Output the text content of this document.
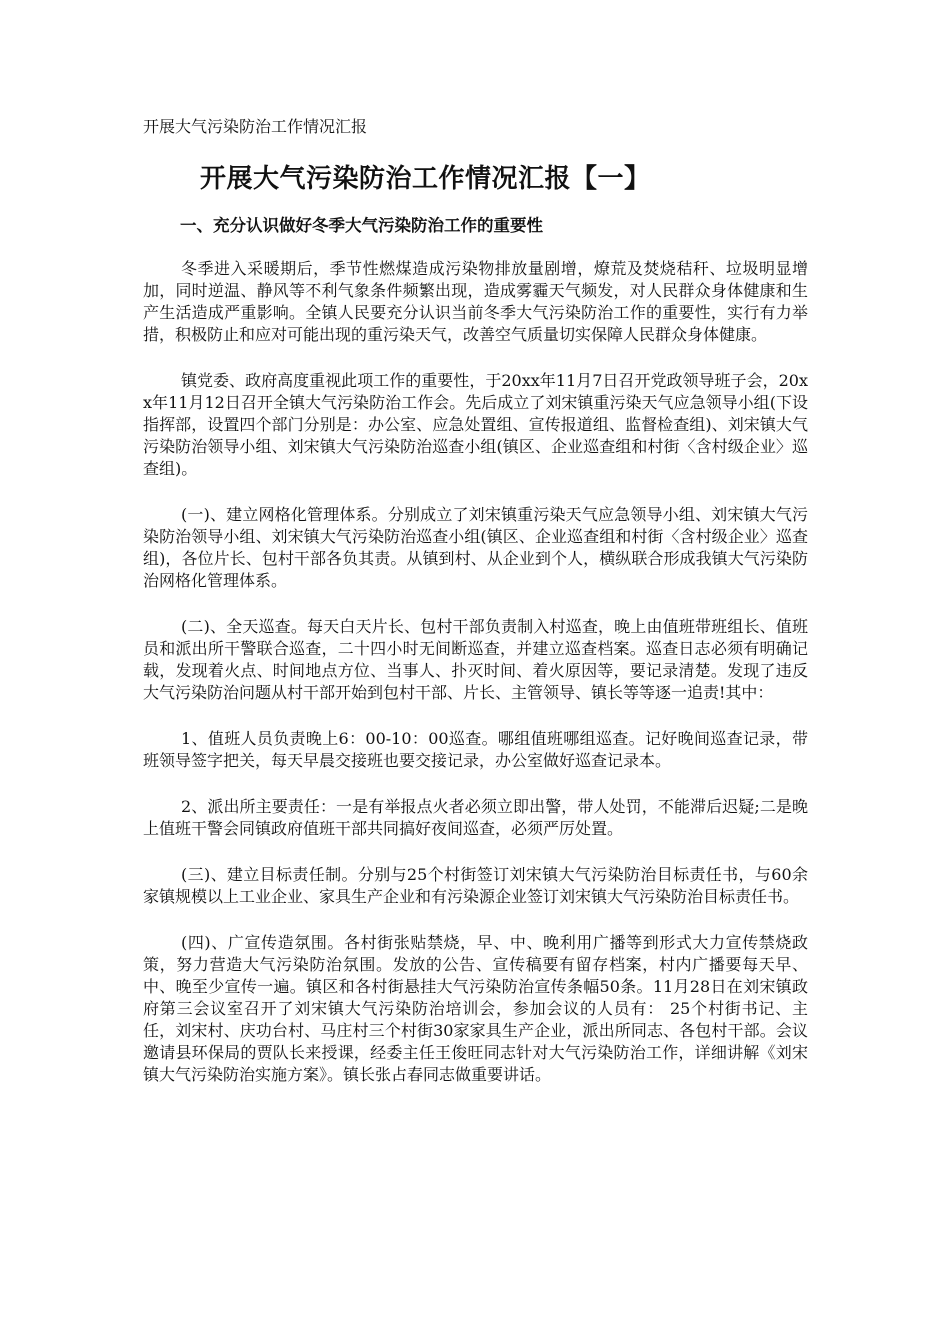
开展大气污染防治工作情况汇报
开展大气污染防治工作情况汇报【一】
一、充分认识做好冬季大气污染防治工作的重要性

冬季进入采暖期后，季节性燃煤造成污染物排放量剧增，燎荒及焚烧秸秆、垃圾明显增加，同时逆温、静风等不利气象条件频繁出现，造成雾霾天气频发，对人民群众身体健康和生产生活造成严重影响。全镇人民要充分认识当前冬季大气污染防治工作的重要性，实行有力举措，积极防止和应对可能出现的重污染天气，改善空气质量切实保障人民群众身体健康。

镇党委、政府高度重视此项工作的重要性，于20xx年11月7日召开党政领导班子会，20xx年11月12日召开全镇大气污染防治工作会。先后成立了刘宋镇重污染天气应急领导小组(下设指挥部，设置四个部门分别是：办公室、应急处置组、宣传报道组、监督检查组)、刘宋镇大气污染防治领导小组、刘宋镇大气污染防治巡查小组(镇区、企业巡查组和村街〈含村级企业〉巡查组)。

(一)、建立网格化管理体系。分别成立了刘宋镇重污染天气应急领导小组、刘宋镇大气污染防治领导小组、刘宋镇大气污染防治巡查小组(镇区、企业巡查组和村街〈含村级企业〉巡查组)，各位片长、包村干部各负其责。从镇到村、从企业到个人，横纵联合形成我镇大气污染防治网格化管理体系。

(二)、全天巡查。每天白天片长、包村干部负责制入村巡查，晚上由值班带班组长、值班员和派出所干警联合巡查，二十四小时无间断巡查，并建立巡查档案。巡查日志必须有明确记载，发现着火点、时间地点方位、当事人、扑灭时间、着火原因等，要记录清楚。发现了违反大气污染防治问题从村干部开始到包村干部、片长、主管领导、镇长等等逐一追责!其中：

1、值班人员负责晚上6：00-10：00巡查。哪组值班哪组巡查。记好晚间巡查记录，带班领导签字把关，每天早晨交接班也要交接记录，办公室做好巡查记录本。

2、派出所主要责任：一是有举报点火者必须立即出警，带人处罚，不能滞后迟疑;二是晚上值班干警会同镇政府值班干部共同搞好夜间巡查，必须严厉处置。

(三)、建立目标责任制。分别与25个村街签订刘宋镇大气污染防治目标责任书，与60余家镇规模以上工业企业、家具生产企业和有污染源企业签订刘宋镇大气污染防治目标责任书。

(四)、广宣传造氛围。各村街张贴禁烧，早、中、晚利用广播等到形式大力宣传禁烧政策，努力营造大气污染防治氛围。发放的公告、宣传稿要有留存档案，村内广播要每天早、中、晚至少宣传一遍。镇区和各村街悬挂大气污染防治宣传条幅50条。11月28日在刘宋镇政府第三会议室召开了刘宋镇大气污染防治培训会，参加会议的人员有： 25个村街书记、主任，刘宋村、庆功台村、马庄村三个村街30家家具生产企业，派出所同志、各包村干部。会议邀请县环保局的贾队长来授课，经委主任王俊旺同志针对大气污染防治工作，详细讲解《刘宋镇大气污染防治实施方案》。镇长张占春同志做重要讲话。
